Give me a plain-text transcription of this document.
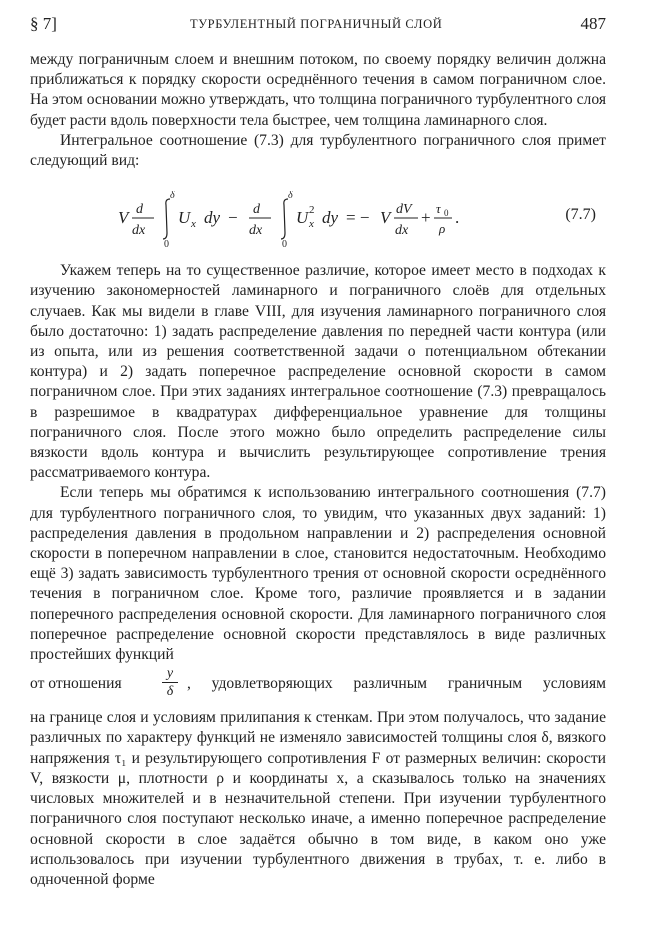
§ 7]	ТУРБУЛЕНТНЫЙ ПОГРАНИЧНЫЙ СЛОЙ	487

между пограничным слоем и внешним потоком, по своему порядку величин должна приближаться к порядку скорости осреднённого течения в самом пограничном слое. На этом основании можно утверждать, что толщина пограничного турбулентного слоя будет расти вдоль поверхности тела быстрее, чем толщина ламинарного слоя.

Интегральное соотношение (7.3) для турбулентного пограничного слоя примет следующий вид:

V d
dx
δ
0
U x dy − d
dx
δ
0
U 2
x dy = − V dV
dx
+ τ 0
ρ
.	(7.7)

Укажем теперь на то существенное различие, которое имеет место в подходах к изучению закономерностей ламинарного и пограничного слоёв для отдельных случаев. Как мы видели в главе VIII, для изучения ламинарного пограничного слоя было достаточно: 1) задать распределение давления по передней части контура (или из опыта, или из решения соответственной задачи о потенциальном обтекании контура) и 2) задать поперечное распределение основной скорости в самом пограничном слое. При этих заданиях интегральное соотношение (7.3) превращалось в разрешимое в квадратурах дифференциальное уравнение для толщины пограничного слоя. После этого можно было определить распределение силы вязкости вдоль контура и вычислить результирующее сопротивление трения рассматриваемого контура.

Если теперь мы обратимся к использованию интегрального соотношения (7.7) для турбулентного пограничного слоя, то увидим, что указанных двух заданий: 1) распределения давления в продольном направлении и 2) распределения основной скорости в поперечном направлении в слое, становится недостаточным. Необходимо ещё 3) задать зависимость турбулентного трения от основной скорости осреднённого течения в пограничном слое. Кроме того, различие проявляется и в задании поперечного распределения основной скорости. Для ламинарного пограничного слоя поперечное распределение основной скорости представлялось в виде различных простейших функций

от отношения	$\frac{y}{\delta}$ , удовлетворяющих различным граничным условиям

на границе слоя и условиям прилипания к стенкам. При этом получалось, что задание различных по характеру функций не изменяло зависимостей толщины слоя δ, вязкого напряжения τ₁ и результирующего сопротивления F от размерных величин: скорости V, вязкости μ, плотности ρ и координаты x, а сказывалось только на значениях числовых множителей и в незначительной степени. При изучении турбулентного пограничного слоя поступают несколько иначе, а именно поперечное распределение основной скорости в слое задаётся обычно в том виде, в каком оно уже использовалось при изучении турбулентного движения в трубах, т. е. либо в одноченной форме
